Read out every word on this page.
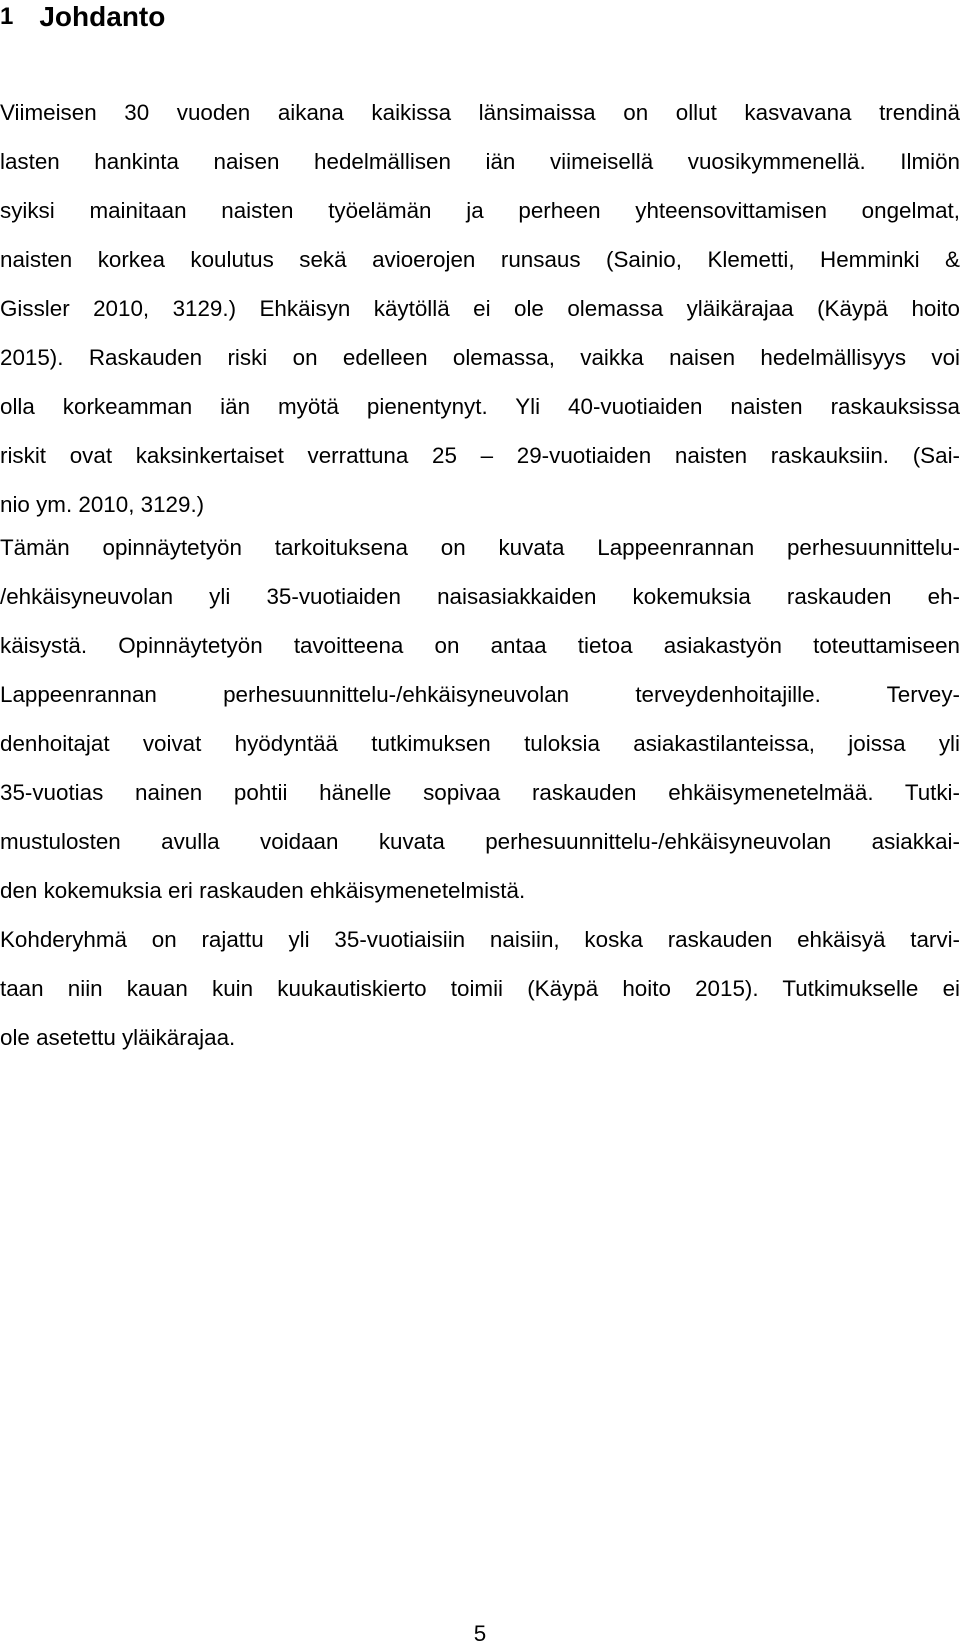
1 Johdanto
Viimeisen 30 vuoden aikana kaikissa länsimaissa on ollut kasvavana trendinä
lasten hankinta naisen hedelmällisen iän viimeisellä vuosikymmenellä. Ilmiön
syiksi mainitaan naisten työelämän ja perheen yhteensovittamisen ongelmat,
naisten korkea koulutus sekä avioerojen runsaus (Sainio, Klemetti, Hemminki &
Gissler 2010, 3129.) Ehkäisyn käytöllä ei ole olemassa yläikärajaa (Käypä hoito
2015). Raskauden riski on edelleen olemassa, vaikka naisen hedelmällisyys voi
olla korkeamman iän myötä pienentynyt. Yli 40-vuotiaiden naisten raskauksissa
riskit ovat kaksinkertaiset verrattuna 25 – 29-vuotiaiden naisten raskauksiin. (Sai-
nio ym. 2010, 3129.)
Tämän opinnäytetyön tarkoituksena on kuvata Lappeenrannan perhesuunnittelu-
/ehkäisyneuvolan yli 35-vuotiaiden naisasiakkaiden kokemuksia raskauden eh-
käisystä. Opinnäytetyön tavoitteena on antaa tietoa asiakastyön toteuttamiseen
Lappeenrannan perhesuunnittelu-/ehkäisyneuvolan terveydenhoitajille. Tervey-
denhoitajat voivat hyödyntää tutkimuksen tuloksia asiakastilanteissa, joissa yli
35-vuotias nainen pohtii hänelle sopivaa raskauden ehkäisymenetelmää. Tutki-
mustulosten avulla voidaan kuvata perhesuunnittelu-/ehkäisyneuvolan asiakkai-
den kokemuksia eri raskauden ehkäisymenetelmistä.
Kohderyhmä on rajattu yli 35-vuotiaisiin naisiin, koska raskauden ehkäisyä tarvi-
taan niin kauan kuin kuukautiskierto toimii (Käypä hoito 2015). Tutkimukselle ei
ole asetettu yläikärajaa.
5
